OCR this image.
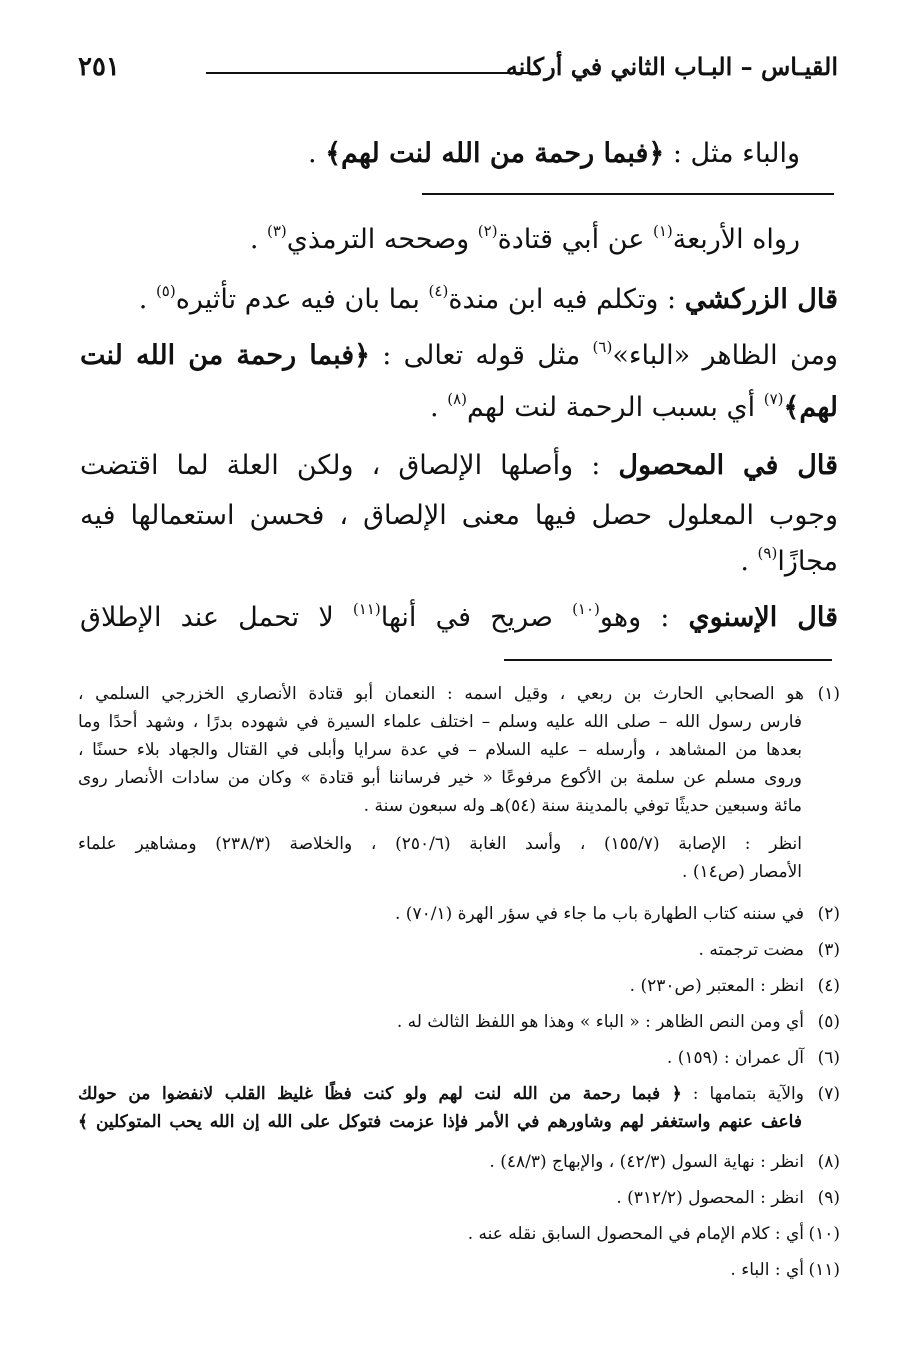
القيـاس – البـاب الثاني في أركانه
٢٥١
والباء مثل : ﴿فبما رحمة من الله لنت لهم﴾ .
رواه الأربعة$^{(١)}$ عن أبي قتادة$^{(٢)}$ وصححه الترمذي$^{(٣)}$ .
قال الزركشي : وتكلم فيه ابن مندة$^{(٤)}$ بما بان فيه عدم تأثيره$^{(٥)}$ .
ومن الظاهر «الباء»$^{(٦)}$ مثل قوله تعالى : ﴿فبما رحمة من الله لنت
لهم﴾$^{(٧)}$ أي بسبب الرحمة لنت لهم$^{(٨)}$ .
قال في المحصول : وأصلها الإلصاق ، ولكن العلة لما اقتضت
وجوب المعلول حصل فيها معنى الإلصاق ، فحسن استعمالها فيه
مجازًا$^{(٩)}$ .
قال الإسنوي : وهو$^{(١٠)}$ صريح في أنها$^{(١١)}$ لا تحمل عند الإطلاق
(١)هو الصحابي الحارث بن ربعي ، وقيل اسمه : النعمان أبو قتادة الأنصاري الخزرجي السلمي ،
فارس رسول الله – صلى الله عليه وسلم – اختلف علماء السيرة في شهوده بدرًا ، وشهد أحدًا وما
بعدها من المشاهد ، وأرسله – عليه السلام – في عدة سرايا وأبلى في القتال والجهاد بلاء حسنًا ،
وروى مسلم عن سلمة بن الأكوع مرفوعًا « خير فرساننا أبو قتادة » وكان من سادات الأنصار روى
مائة وسبعين حديثًا توفي بالمدينة سنة (٥٤)هـ وله سبعون سنة .
انظر : الإصابة (١٥٥/٧) ، وأسد الغابة (٢٥٠/٦) ، والخلاصة (٢٣٨/٣) ومشاهير علماء
الأمصار (ص١٤) .
(٢)في سننه كتاب الطهارة باب ما جاء في سؤر الهرة (٧٠/١) .
(٣)مضت ترجمته .
(٤)انظر : المعتبر (ص٢٣٠) .
(٥)أي ومن النص الظاهر : « الباء » وهذا هو اللفظ الثالث له .
(٦)آل عمران : (١٥٩) .
(٧)والآية بتمامها : ﴿ فبما رحمة من الله لنت لهم ولو كنت فظًا غليظ القلب لانفضوا من حولك
فاعف عنهم واستغفر لهم وشاورهم في الأمر فإذا عزمت فتوكل على الله إن الله يحب المتوكلين ﴾
(٨)انظر : نهاية السول (٤٢/٣) ، والإبهاج (٤٨/٣) .
(٩)انظر : المحصول (٣١٢/٢) .
(١٠)أي : كلام الإمام في المحصول السابق نقله عنه .
(١١)أي : الباء .
